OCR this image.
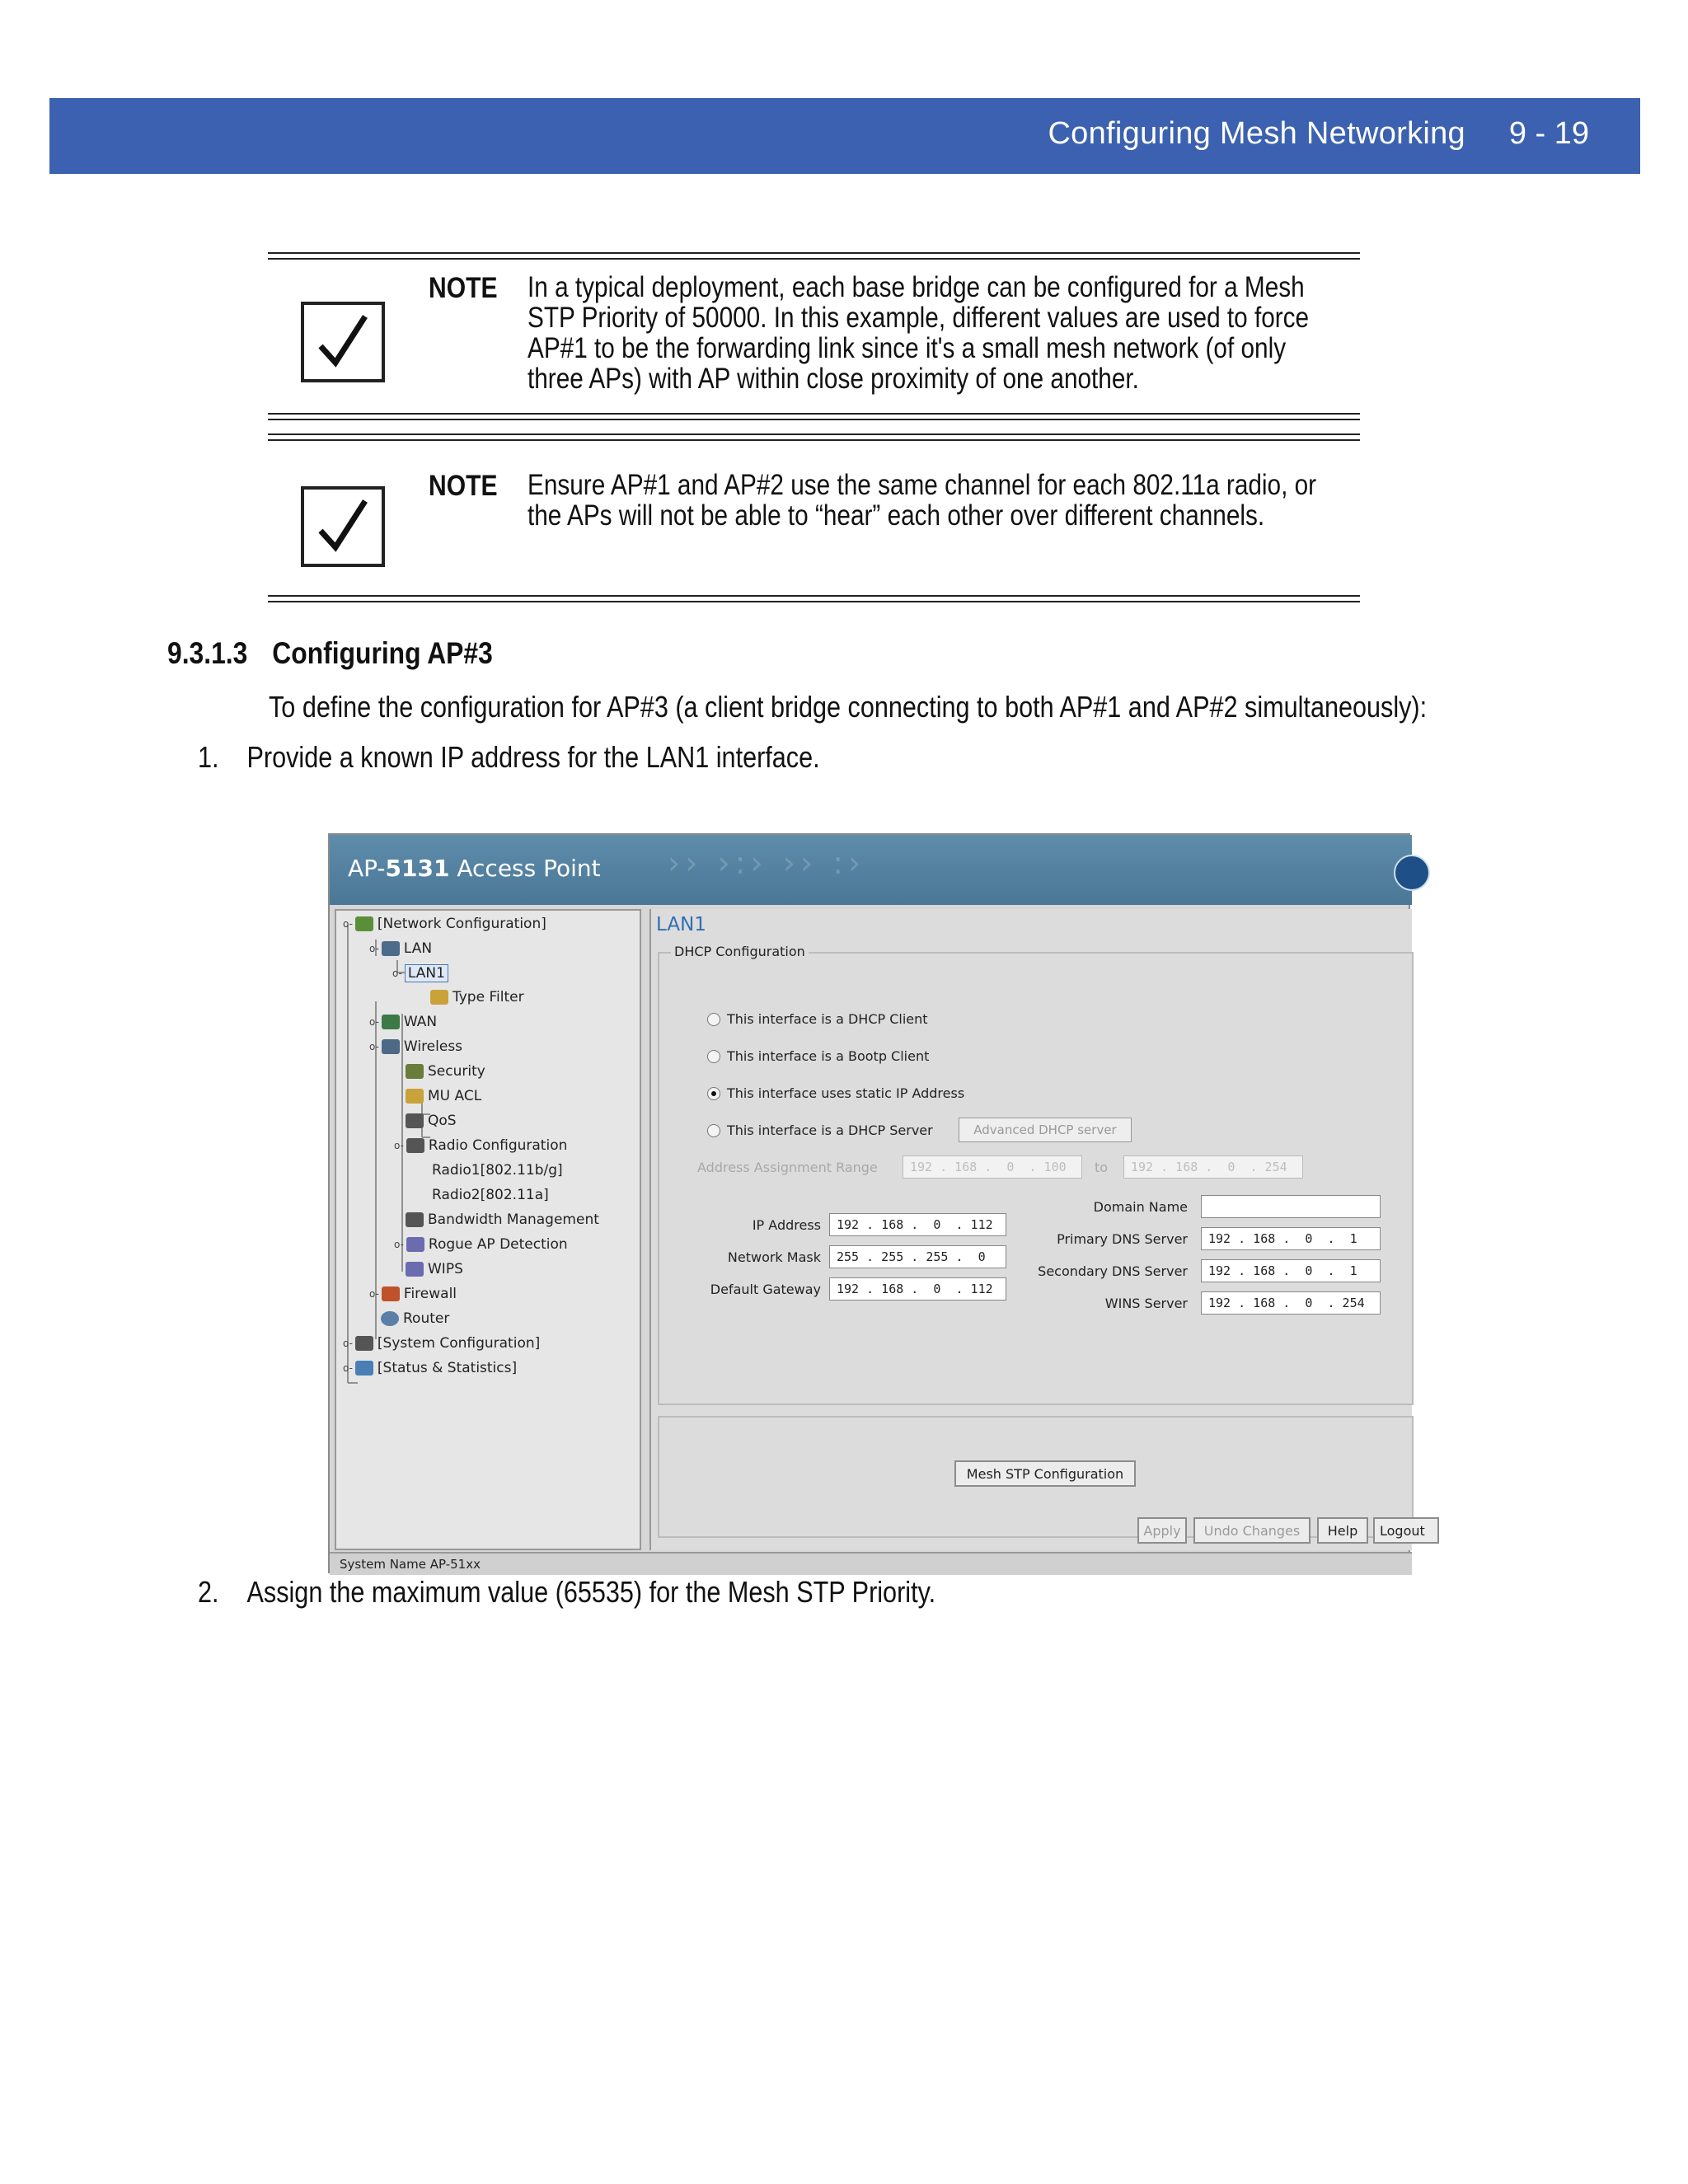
Configuring Mesh Networking 9 - 19
NOTE In a typical deployment, each base bridge can be configured for a Mesh
STP Priority of 50000. In this example, different values are used to force
AP#1 to be the forwarding link since it's a small mesh network (of only
three APs) with AP within close proximity of one another.
NOTE Ensure AP#1 and AP#2 use the same channel for each 802.11a radio, or
the APs will not be able to “hear” each other over different channels.
9.3.1.3 Configuring AP#3
To define the configuration for AP#3 (a client bridge connecting to both AP#1 and AP#2 simultaneously):
1. Provide a known IP address for the LAN1 interface.
›› ›:› ›› :›
AP-5131 Access Point
o- [Network Configuration]
o- LAN
o- LAN1
Type Filter
o- WAN
o- Wireless
Security
MU ACL
QoS
o- Radio Configuration
Radio1[802.11b/g]
Radio2[802.11a]
Bandwidth Management
o- Rogue AP Detection
WIPS
o- Firewall
Router
o- [System Configuration]
o- [Status & Statistics]
LAN1
DHCP Configuration
This interface is a DHCP Client
This interface is a Bootp Client
This interface uses static IP Address
This interface is a DHCP Server	Advanced DHCP server
Address Assignment Range	192 . 168 .  0  . 100	to	192 . 168 .  0  . 254
IP Address	192 . 168 .  0  . 112
Network Mask	255 . 255 . 255 .  0
Default Gateway	192 . 168 .  0  . 112
Domain Name
Primary DNS Server	192 . 168 .  0  .  1
Secondary DNS Server	192 . 168 .  0  .  1
WINS Server	192 . 168 .  0  . 254
Mesh STP Configuration
Apply	Undo Changes	Help	Logout
System Name AP-51xx
2. Assign the maximum value (65535) for the Mesh STP Priority.
